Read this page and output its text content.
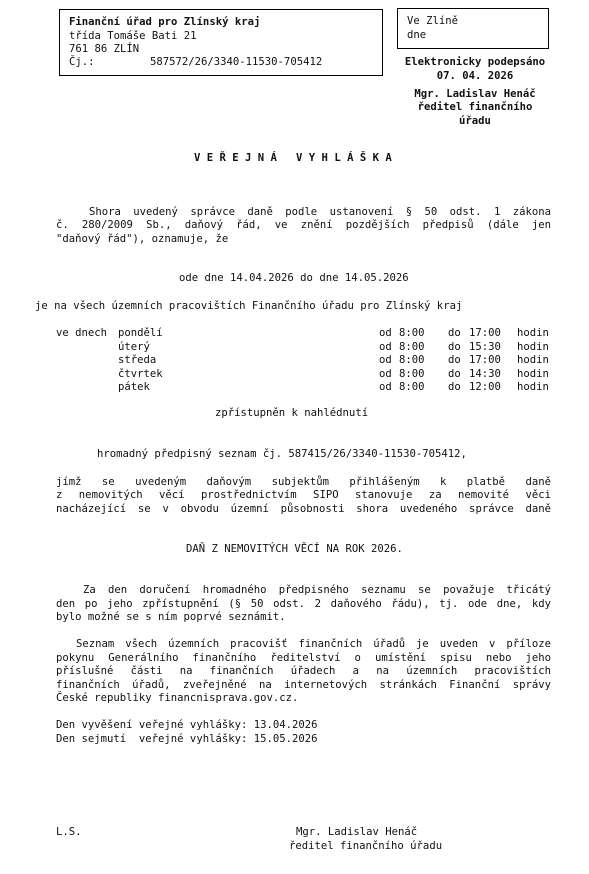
Finanční úřad pro Zlínský kraj
třída Tomáše Bati 21
761 86 ZLÍN
Čj.:	587572/26/3340-11530-705412
Ve Zlíně
dne
Elektronicky podepsáno
07. 04. 2026
Mgr. Ladislav Henáč
ředitel finančního
úřadu
V E Ř E J N Á   V Y H L Á Š K A
Shora uvedený správce daně podle ustanovení § 50 odst. 1 zákona
č. 280/2009 Sb., daňový řád, ve znění pozdějších předpisů (dále jen
"daňový řád"), oznamuje, že
ode dne 14.04.2026 do dne 14.05.2026
je na všech územních pracovištích Finančního úřadu pro Zlínský kraj
ve dnech pondělí	od 8:00 do 17:00 hodin
úterý	od 8:00 do 15:30 hodin
středa	od 8:00 do 17:00 hodin
čtvrtek	od 8:00 do 14:30 hodin
pátek	od 8:00 do 12:00 hodin
zpřístupněn k nahlédnutí
hromadný předpisný seznam čj. 587415/26/3340-11530-705412,
jímž se uvedeným daňovým subjektům přihlášeným k platbě daně
z nemovitých věcí prostřednictvím SIPO stanovuje za nemovité věci
nacházející se v obvodu územní působnosti shora uvedeného správce daně
DAŇ Z NEMOVITÝCH VĚCÍ NA ROK 2026.
Za den doručení hromadného předpisného seznamu se považuje třicátý
den po jeho zpřístupnění (§ 50 odst. 2 daňového řádu), tj. ode dne, kdy
bylo možné se s ním poprvé seznámit.
Seznam všech územních pracovišť finančních úřadů je uveden v příloze
pokynu Generálního finančního ředitelství o umístění spisu nebo jeho
příslušné části na finančních úřadech a na územních pracovištích
finančních úřadů, zveřejněné na internetových stránkách Finanční správy
České republiky financnisprava.gov.cz.
Den vyvěšení veřejné vyhlášky: 13.04.2026
Den sejmutí  veřejné vyhlášky: 15.05.2026
L.S.	Mgr. Ladislav Henáč
ředitel finančního úřadu
